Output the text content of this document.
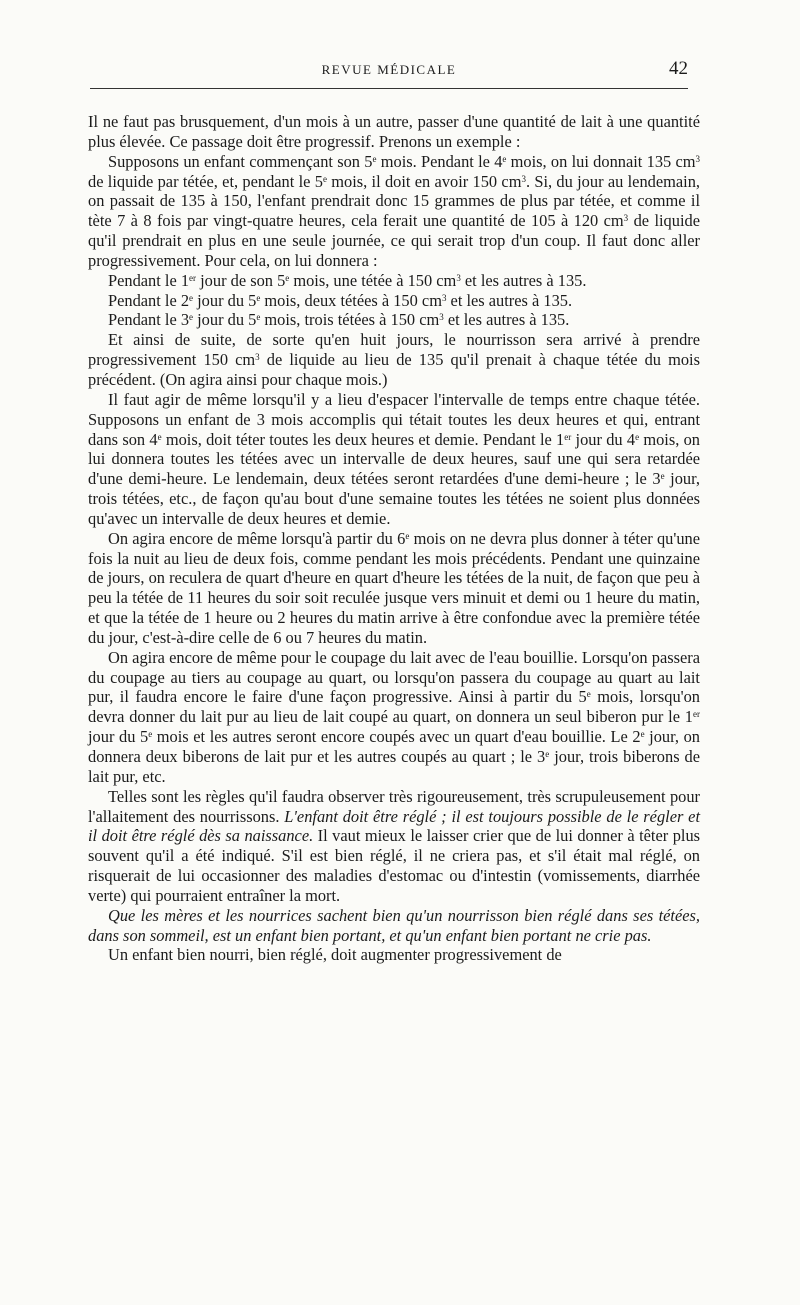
REVUE MÉDICALE	42

Il ne faut pas brusquement, d'un mois à un autre, passer d'une quantité de lait à une quantité plus élevée. Ce passage doit être progressif. Prenons un exemple :

Supposons un enfant commençant son 5e mois. Pendant le 4e mois, on lui donnait 135 $cm^3$ de liquide par tétée, et, pendant le 5e mois, il doit en avoir 150 $cm^3$. Si, du jour au lendemain, on passait de 135 à 150, l'enfant prendrait donc 15 grammes de plus par tétée, et comme il tète 7 à 8 fois par vingt-quatre heures, cela ferait une quantité de 105 à 120 $cm^3$ de liquide qu'il prendrait en plus en une seule journée, ce qui serait trop d'un coup. Il faut donc aller progressivement. Pour cela, on lui donnera :

Pendant le 1er jour de son 5e mois, une tétée à 150 $cm^3$ et les autres à 135.

Pendant le 2e jour du 5e mois, deux tétées à 150 $cm^3$ et les autres à 135.

Pendant le 3e jour du 5e mois, trois tétées à 150 $cm^3$ et les autres à 135.

Et ainsi de suite, de sorte qu'en huit jours, le nourrisson sera arrivé à prendre progressivement 150 $cm^3$ de liquide au lieu de 135 qu'il prenait à chaque tétée du mois précédent. (On agira ainsi pour chaque mois.)

Il faut agir de même lorsqu'il y a lieu d'espacer l'intervalle de temps entre chaque tétée. Supposons un enfant de 3 mois accomplis qui tétait toutes les deux heures et qui, entrant dans son 4e mois, doit téter toutes les deux heures et demie. Pendant le 1er jour du 4e mois, on lui donnera toutes les tétées avec un intervalle de deux heures, sauf une qui sera retardée d'une demi-heure. Le lendemain, deux tétées seront retardées d'une demi-heure ; le 3e jour, trois tétées, etc., de façon qu'au bout d'une semaine toutes les tétées ne soient plus données qu'avec un intervalle de deux heures et demie.

On agira encore de même lorsqu'à partir du 6e mois on ne devra plus donner à téter qu'une fois la nuit au lieu de deux fois, comme pendant les mois précédents. Pendant une quinzaine de jours, on reculera de quart d'heure en quart d'heure les tétées de la nuit, de façon que peu à peu la tétée de 11 heures du soir soit reculée jusque vers minuit et demi ou 1 heure du matin, et que la tétée de 1 heure ou 2 heures du matin arrive à être confondue avec la première tétée du jour, c'est-à-dire celle de 6 ou 7 heures du matin.

On agira encore de même pour le coupage du lait avec de l'eau bouillie. Lorsqu'on passera du coupage au tiers au coupage au quart, ou lorsqu'on passera du coupage au quart au lait pur, il faudra encore le faire d'une façon progressive. Ainsi à partir du 5e mois, lorsqu'on devra donner du lait pur au lieu de lait coupé au quart, on donnera un seul biberon pur le 1er jour du 5e mois et les autres seront encore coupés avec un quart d'eau bouillie. Le 2e jour, on donnera deux biberons de lait pur et les autres coupés au quart ; le 3e jour, trois biberons de lait pur, etc.

Telles sont les règles qu'il faudra observer très rigoureusement, très scrupuleusement pour l'allaitement des nourrissons. L'enfant doit être réglé ; il est toujours possible de le régler et il doit être réglé dès sa naissance. Il vaut mieux le laisser crier que de lui donner à têter plus souvent qu'il a été indiqué. S'il est bien réglé, il ne criera pas, et s'il était mal réglé, on risquerait de lui occasionner des maladies d'estomac ou d'intestin (vomissements, diarrhée verte) qui pourraient entraîner la mort.

Que les mères et les nourrices sachent bien qu'un nourrisson bien réglé dans ses tétées, dans son sommeil, est un enfant bien portant, et qu'un enfant bien portant ne crie pas.

Un enfant bien nourri, bien réglé, doit augmenter progressivement de
